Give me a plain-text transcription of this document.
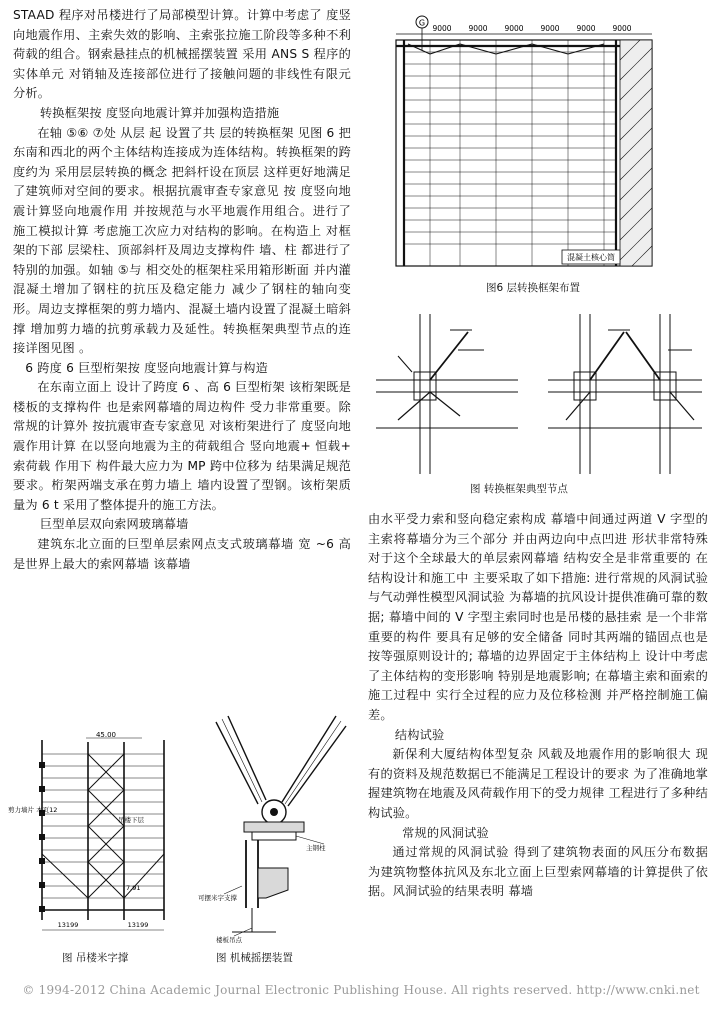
STAAD 程序对吊楼进行了局部模型计算。计算中考虑了 度竖向地震作用、主索失效的影响、主索张拉施工阶段等多种不利荷载的组合。钢索悬挂点的机械摇摆装置 采用 ANS S 程序的实体单元 对销轴及连接部位进行了接触问题的非线性有限元分析。

转换框架按 度竖向地震计算并加强构造措施

在轴 ⑤⑥ ⑦处 从层 起 设置了共 层的转换框架 见图 6 把东南和西北的两个主体结构连接成为连体结构。转换框架的跨度约为 采用层层转换的概念 把斜杆设在顶层 这样更好地满足了建筑师对空间的要求。根据抗震审查专家意见 按 度竖向地震计算竖向地震作用 并按规范与水平地震作用组合。进行了施工模拟计算 考虑施工次应力对结构的影响。在构造上 对框架的下部 层梁柱、顶部斜杆及周边支撑构件 墙、柱 都进行了特别的加强。如轴 ⑤与 相交处的框架柱采用箱形断面 并内灌混凝土增加了钢柱的抗压及稳定能力 减少了钢柱的轴向变形。周边支撑框架的剪力墙内、混凝土墙内设置了混凝土暗斜撑 增加剪力墙的抗剪承载力及延性。转换框架典型节点的连接详图见图 。

6 跨度 6 巨型桁架按 度竖向地震计算与构造

在东南立面上 设计了跨度 6 、高 6 巨型桁架 该桁架既是楼板的支撑构件 也是索网幕墙的周边构件 受力非常重要。除常规的计算外 按抗震审查专家意见 对该桁架进行了 度竖向地震作用计算 在以竖向地震为主的荷载组合 竖向地震+ 恒载+ 索荷载 作用下 构件最大应力为 MP 跨中位移为 结果满足规范要求。桁架两端支承在剪力墙上 墙内设置了型钢。该桁架质量为 6 t 采用了整体提升的施工方法。

巨型单层双向索网玻璃幕墙

建筑东北立面的巨型单层索网点支式玻璃幕墙 宽 ~6 高 是世界上最大的索网幕墙 该幕墙

G
9000 9000 9000 9000 9000 9000
混凝土核心筒
图6 层转换框架布置
图 转换框架典型节点

由水平受力索和竖向稳定索构成 幕墙中间通过两道 V 字型的主索将幕墙分为三个部分 并由两边向中点凹进 形状非常特殊 对于这个全球最大的单层索网幕墙 结构安全是非常重要的 在结构设计和施工中 主要采取了如下措施: 进行常规的风洞试验与气动弹性模型风洞试验 为幕墙的抗风设计提供准确可靠的数据; 幕墙中间的 V 字型主索同时也是吊楼的悬挂索 是一个非常重要的构件 要具有足够的安全储备 同时其两端的锚固点也是按等强原则设计的; 幕墙的边界固定于主体结构上 设计中考虑了主体结构的变形影响 特别是地震影响; 在幕墙主索和面索的施工过程中 实行全过程的应力及位移检测 并严格控制施工偏差。

结构试验

新保利大厦结构体型复杂 风载及地震作用的影响很大 现有的资料及规范数据已不能满足工程设计的要求 为了准确地掌握建筑物在地震及风荷载作用下的受力规律 工程进行了多种结构试验。

常规的风洞试验

通过常规的风洞试验 得到了建筑物表面的风压分布数据 为建筑物整体抗风及东北立面上巨型索网幕墙的计算提供了依据。风洞试验的结果表明 幕墙

45.00
剪力墙片 本页12
吊楼下层
7.91
13199	13199
图 吊楼米字撑
主钢柱
可摆米字支撑
楼板吊点
图 机械摇摆装置
© 1994-2012 China Academic Journal Electronic Publishing House. All rights reserved. http://www.cnki.net
